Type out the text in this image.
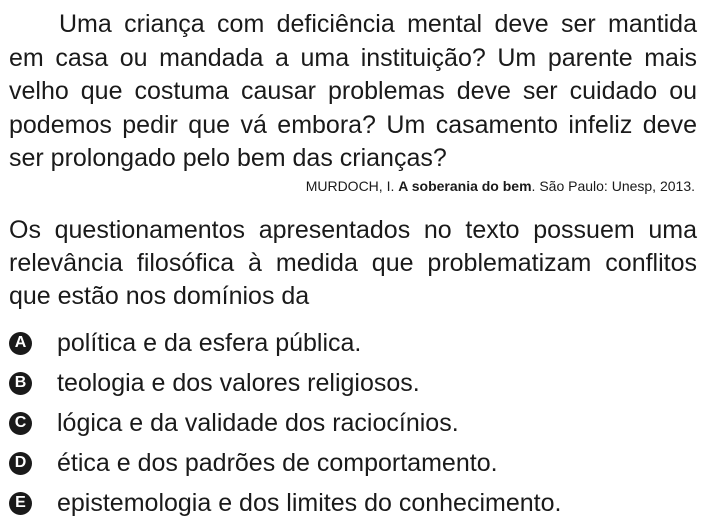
Uma criança com deficiência mental deve ser mantida em casa ou mandada a uma instituição? Um parente mais velho que costuma causar problemas deve ser cuidado ou podemos pedir que vá embora? Um casamento infeliz deve ser prolongado pelo bem das crianças?

MURDOCH, I. A soberania do bem. São Paulo: Unesp, 2013.

Os questionamentos apresentados no texto possuem uma relevância filosófica à medida que problematizam conflitos que estão nos domínios da

A política e da esfera pública.
B teologia e dos valores religiosos.
C lógica e da validade dos raciocínios.
D ética e dos padrões de comportamento.
E epistemologia e dos limites do conhecimento.
